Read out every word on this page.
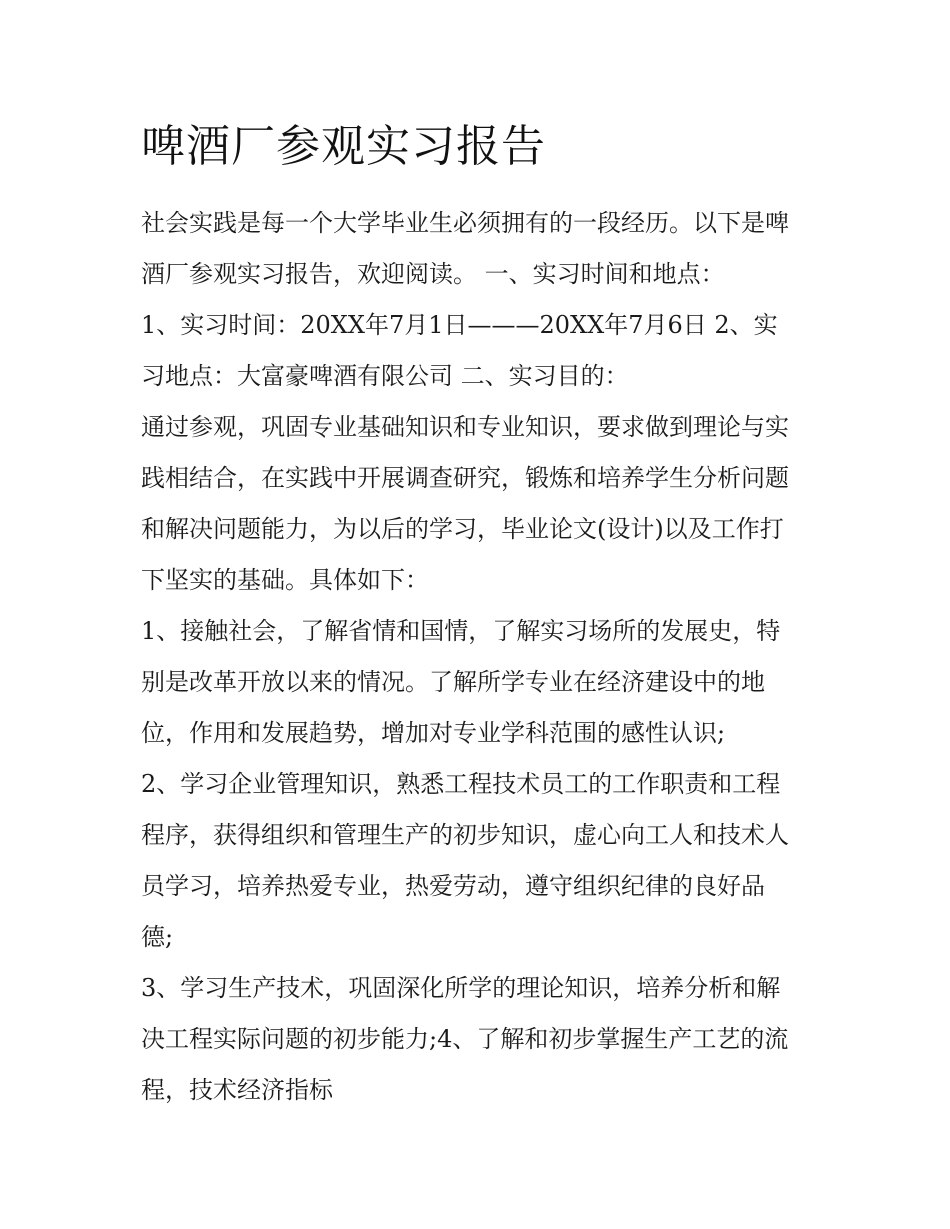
啤酒厂参观实习报告

社会实践是每一个大学毕业生必须拥有的一段经历。以下是啤

酒厂参观实习报告，欢迎阅读。 一、实习时间和地点：

1、实习时间：20XX年7月1日———20XX年7月6日 2、实

习地点：大富豪啤酒有限公司 二、实习目的：

通过参观，巩固专业基础知识和专业知识，要求做到理论与实

践相结合，在实践中开展调查研究，锻炼和培养学生分析问题

和解决问题能力，为以后的学习，毕业论文(设计)以及工作打

下坚实的基础。具体如下：

1、接触社会，了解省情和国情，了解实习场所的发展史，特

别是改革开放以来的情况。了解所学专业在经济建设中的地

位，作用和发展趋势，增加对专业学科范围的感性认识;

2、学习企业管理知识，熟悉工程技术员工的工作职责和工程

程序，获得组织和管理生产的初步知识，虚心向工人和技术人

员学习，培养热爱专业，热爱劳动，遵守组织纪律的良好品

德;

3、学习生产技术，巩固深化所学的理论知识，培养分析和解

决工程实际问题的初步能力;4、了解和初步掌握生产工艺的流

程，技术经济指标
